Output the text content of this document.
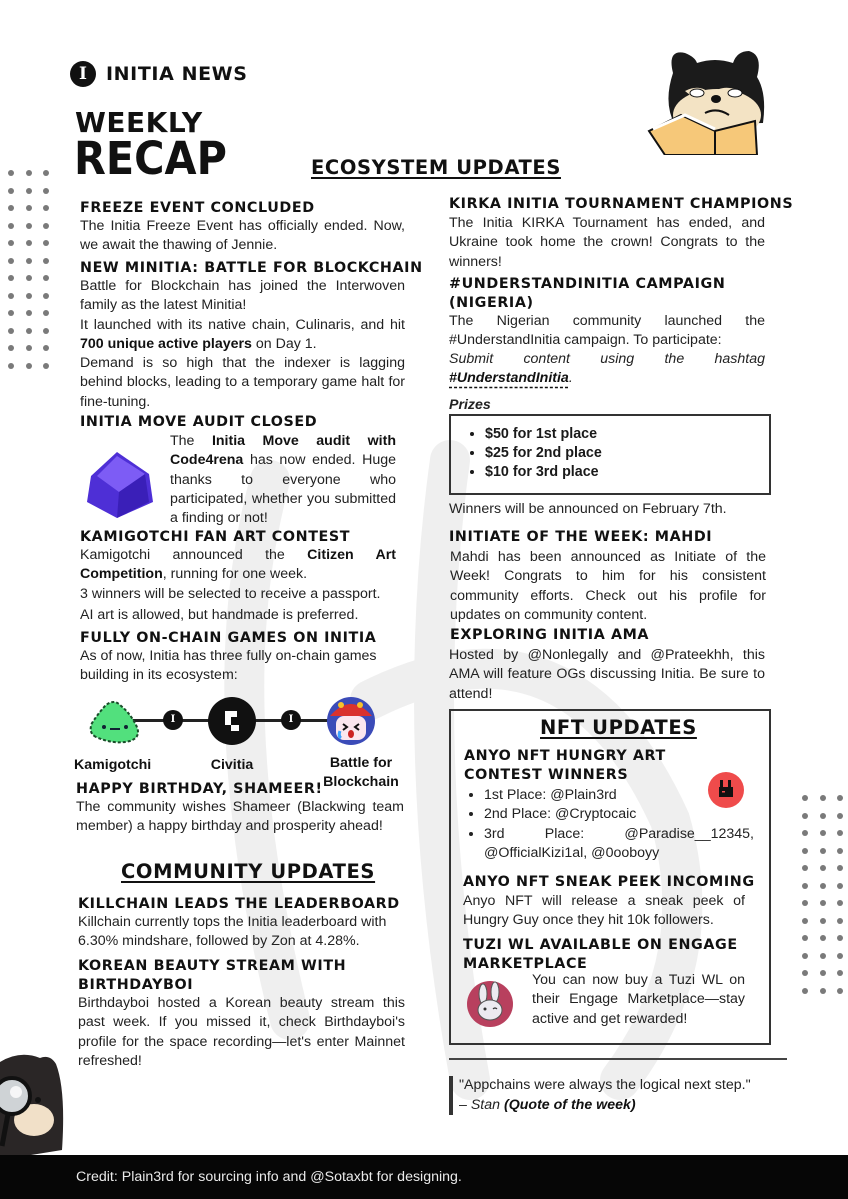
I	INITIA NEWS
WEEKLY
RECAP	ECOSYSTEM UPDATES
FREEZE EVENT CONCLUDED
The Initia Freeze Event has officially ended. Now, we await the thawing of Jennie.
NEW MINITIA: BATTLE FOR BLOCKCHAIN
Battle for Blockchain has joined the Interwoven family as the latest Minitia!
It launched with its native chain, Culinaris, and hit 700 unique active players on Day 1.
Demand is so high that the indexer is lagging behind blocks, leading to a temporary game halt for fine-tuning.
INITIA MOVE AUDIT CLOSED
The Initia Move audit with Code4rena has now ended. Huge thanks to everyone who participated, whether you submitted a finding or not!
KAMIGOTCHI FAN ART CONTEST
Kamigotchi announced the Citizen Art Competition, running for one week.
3 winners will be selected to receive a passport.
AI art is allowed, but handmade is preferred.
FULLY ON-CHAIN GAMES ON INITIA
As of now, Initia has three fully on-chain games building in its ecosystem:
I	I
Kamigotchi	Civitia	Battle for Blockchain
HAPPY BIRTHDAY, SHAMEER!
The community wishes Shameer (Blackwing team member) a happy birthday and prosperity ahead!
COMMUNITY UPDATES
KILLCHAIN LEADS THE LEADERBOARD
Killchain currently tops the Initia leaderboard with 6.30% mindshare, followed by Zon at 4.28%.
KOREAN BEAUTY STREAM WITH BIRTHDAYBOI
Birthdayboi hosted a Korean beauty stream this past week. If you missed it, check Birthdayboi's profile for the space recording—let's enter Mainnet refreshed!
KIRKA INITIA TOURNAMENT CHAMPIONS
The Initia KIRKA Tournament has ended, and Ukraine took home the crown! Congrats to the winners!
#UNDERSTANDINITIA CAMPAIGN (NIGERIA)
The Nigerian community launched the #UnderstandInitia campaign. To participate:
Submit content using the hashtag
#UnderstandInitia.
Prizes
• $50 for 1st place
• $25 for 2nd place
• $10 for 3rd place
Winners will be announced on February 7th.
INITIATE OF THE WEEK: MAHDI
Mahdi has been announced as Initiate of the Week! Congrats to him for his consistent community efforts. Check out his profile for updates on community content.
EXPLORING INITIA AMA
Hosted by @Nonlegally and @Prateekhh, this AMA will feature OGs discussing Initia. Be sure to attend!
NFT UPDATES
ANYO NFT HUNGRY ART CONTEST WINNERS
• 1st Place: @Plain3rd
• 2nd Place: @Cryptocaic
• 3rd Place: @Paradise__12345, @OfficialKizi1al, @0ooboyy
ANYO NFT SNEAK PEEK INCOMING
Anyo NFT will release a sneak peek of Hungry Guy once they hit 10k followers.
TUZI WL AVAILABLE ON ENGAGE MARKETPLACE
You can now buy a Tuzi WL on their Engage Marketplace—stay active and get rewarded!
"Appchains were always the logical next step."
– Stan (Quote of the week)
Credit: Plain3rd for sourcing info and @Sotaxbt for designing.
